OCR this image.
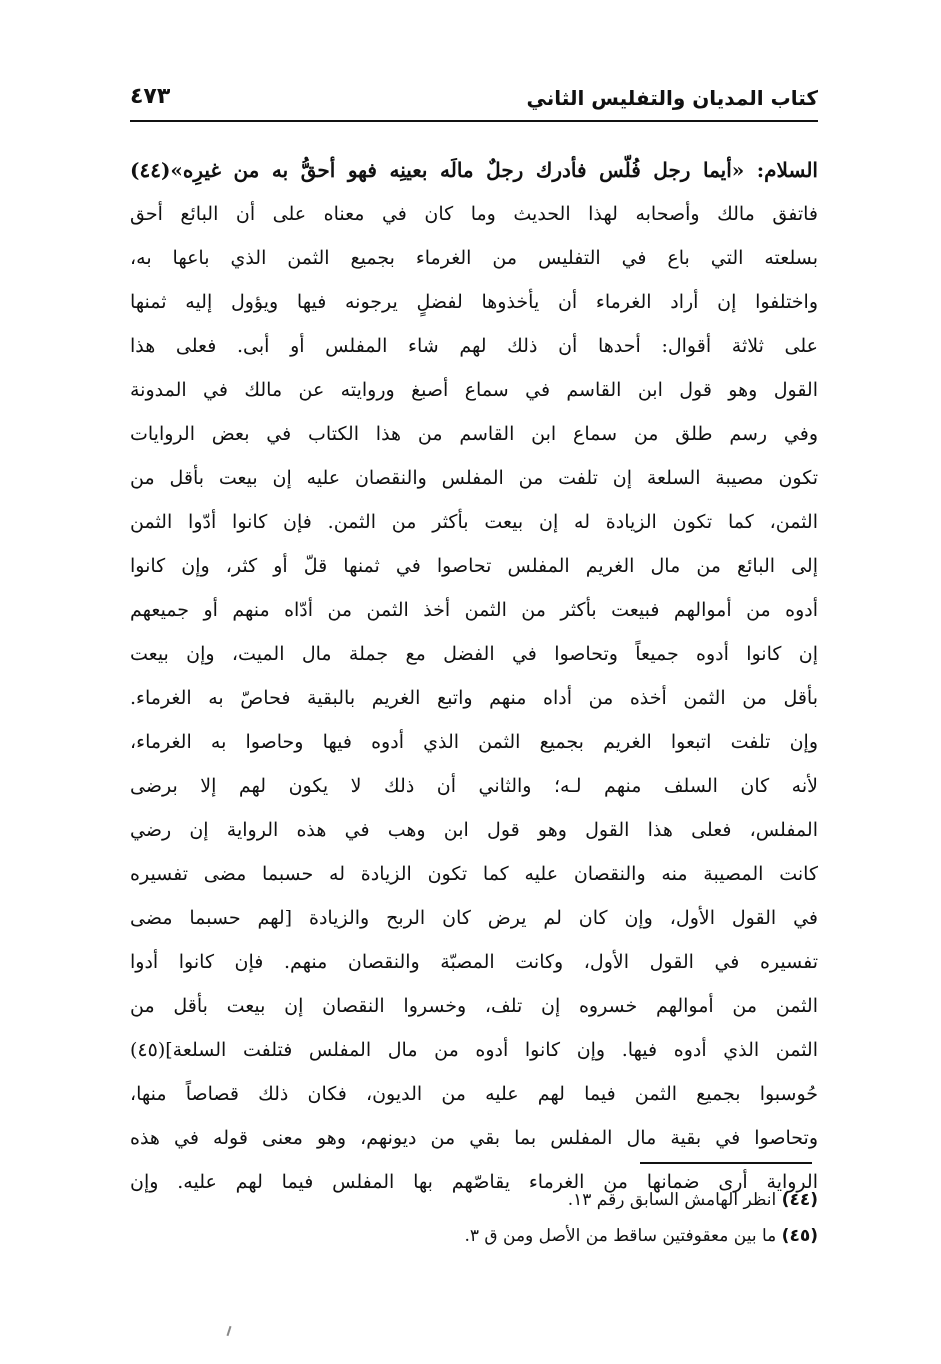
كتاب المديان والتفليس الثاني
٤٧٣
السلام: «أيما رجل فُلّس فأدرك رجلٌ مالَه بعينِه فهو أحقُّ به من غيرِه»(٤٤)
فاتفق مالك وأصحابه لهذا الحديث وما كان في معناه على أن البائع أحق
بسلعته التي باع في التفليس من الغرماء بجميع الثمن الذي باعها به،
واختلفوا إن أراد الغرماء أن يأخذوها لفضلٍ يرجونه فيها ويؤول إليه ثمنها
على ثلاثة أقوال: أحدها أن ذلك لهم شاء المفلس أو أبى. فعلى هذا
القول وهو قول ابن القاسم في سماع أصبغ وروايته عن مالك في المدونة
وفي رسم طلق من سماع ابن القاسم من هذا الكتاب في بعض الروايات
تكون مصيبة السلعة إن تلفت من المفلس والنقصان عليه إن بيعت بأقل من
الثمن، كما تكون الزيادة له إن بيعت بأكثر من الثمن. فإن كانوا أدّوا الثمن
إلى البائع من مال الغريم المفلس تحاصوا في ثمنها قلّ أو كثر، وإن كانوا
أدوه من أموالهم فبيعت بأكثر من الثمن أخذ الثمن من أدّاه منهم أو جميعهم
إن كانوا أدوه جميعاً وتحاصوا في الفضل مع جملة مال الميت، وإن بيعت
بأقل من الثمن أخذه من أداه منهم واتبع الغريم بالبقية فحاصّ به الغرماء.
وإن تلفت اتبعوا الغريم بجميع الثمن الذي أدوه فيها وحاصوا به الغرماء،
لأنه كان السلف منهم لـه؛ والثاني أن ذلك لا يكون لهم إلا برضى
المفلس، فعلى هذا القول وهو قول ابن وهب في هذه الرواية إن رضي
كانت المصيبة منه والنقصان عليه كما تكون الزيادة له حسبما مضى تفسيره
في القول الأول، وإن كان لم يرض كان الربح والزيادة [لهم حسبما مضى
تفسيره في القول الأول، وكانت المصبّة والنقصان منهم. فإن كانوا أدوا
الثمن من أموالهم خسروه إن تلف، وخسروا النقصان إن بيعت بأقل من
الثمن الذي أدوه فيها. وإن كانوا أدوه من مال المفلس فتلفت السلعة](٤٥)
حُوسبوا بجميع الثمن فيما لهم عليه من الديون، فكان ذلك قصاصاً منها،
وتحاصوا في بقية مال المفلس بما بقي من ديونهم، وهو معنى قوله في هذه
الرواية أرى ضمانها من الغرماء يقاصّهم بها المفلس فيما لهم عليه. وإن
(٤٤) انظر الهامش السابق رقم ١٣.
(٤٥) ما بين معقوفتين ساقط من الأصل ومن ق ٣.
